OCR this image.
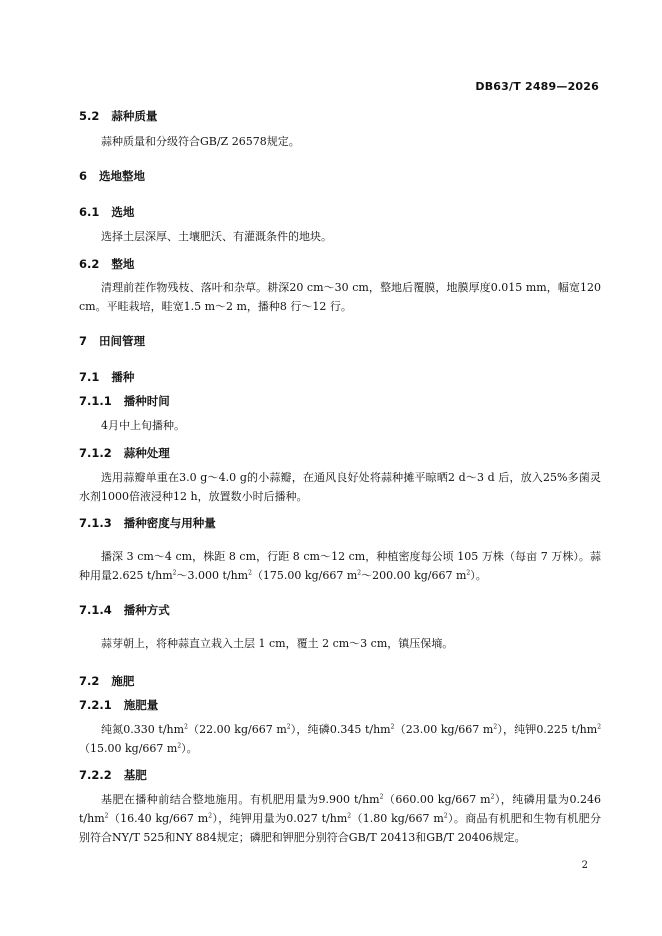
DB63/T 2489—2026
5.2 蒜种质量
蒜种质量和分级符合GB/Z 26578规定。
6 选地整地
6.1 选地
选择土层深厚、土壤肥沃、有灌溉条件的地块。
6.2 整地
清理前茬作物残枝、落叶和杂草。耕深20 cm～30 cm，整地后覆膜，地膜厚度0.015 mm，幅宽120 cm。平畦栽培，畦宽1.5 m～2 m，播种8 行～12 行。
7 田间管理
7.1 播种
7.1.1 播种时间
4月中上旬播种。
7.1.2 蒜种处理
选用蒜瓣单重在3.0 g～4.0 g的小蒜瓣，在通风良好处将蒜种摊平晾晒2 d～3 d 后，放入25%多菌灵水剂1000倍液浸种12 h，放置数小时后播种。
7.1.3 播种密度与用种量
播深 3 cm～4 cm，株距 8 cm，行距 8 cm～12 cm，种植密度每公顷 105 万株（每亩 7 万株）。蒜种用量2.625 $t/hm^2\sim 3.000$ $t/hm^2(175.00$ kg/667 $m^2\sim 200.00$ kg/667 $m^2$）。
7.1.4 播种方式
蒜芽朝上，将种蒜直立栽入土层 1 cm，覆土 2 cm～3 cm，镇压保墒。
7.2 施肥
7.2.1 施肥量
纯氮0.330 $t/hm^2(22.00$ kg/667 $m^2$），纯磷0.345 $t/hm^2(23.00$ kg/667 $m^2$），纯钾0.225 $t/hm^2(15.00$ kg/667 $m^2$）。
7.2.2 基肥
基肥在播种前结合整地施用。有机肥用量为9.900 $t/hm^2(660.00$ kg/667 $m^2$），纯磷用量为0.246 $t/hm^2(16.40$ kg/667 $m^2$），纯钾用量为0.027 $t/hm^2(1.80$ kg/667 $m^2$）。商品有机肥和生物有机肥分别符合NY/T 525和NY 884规定；磷肥和钾肥分别符合GB/T 20413和GB/T 20406规定。
2
